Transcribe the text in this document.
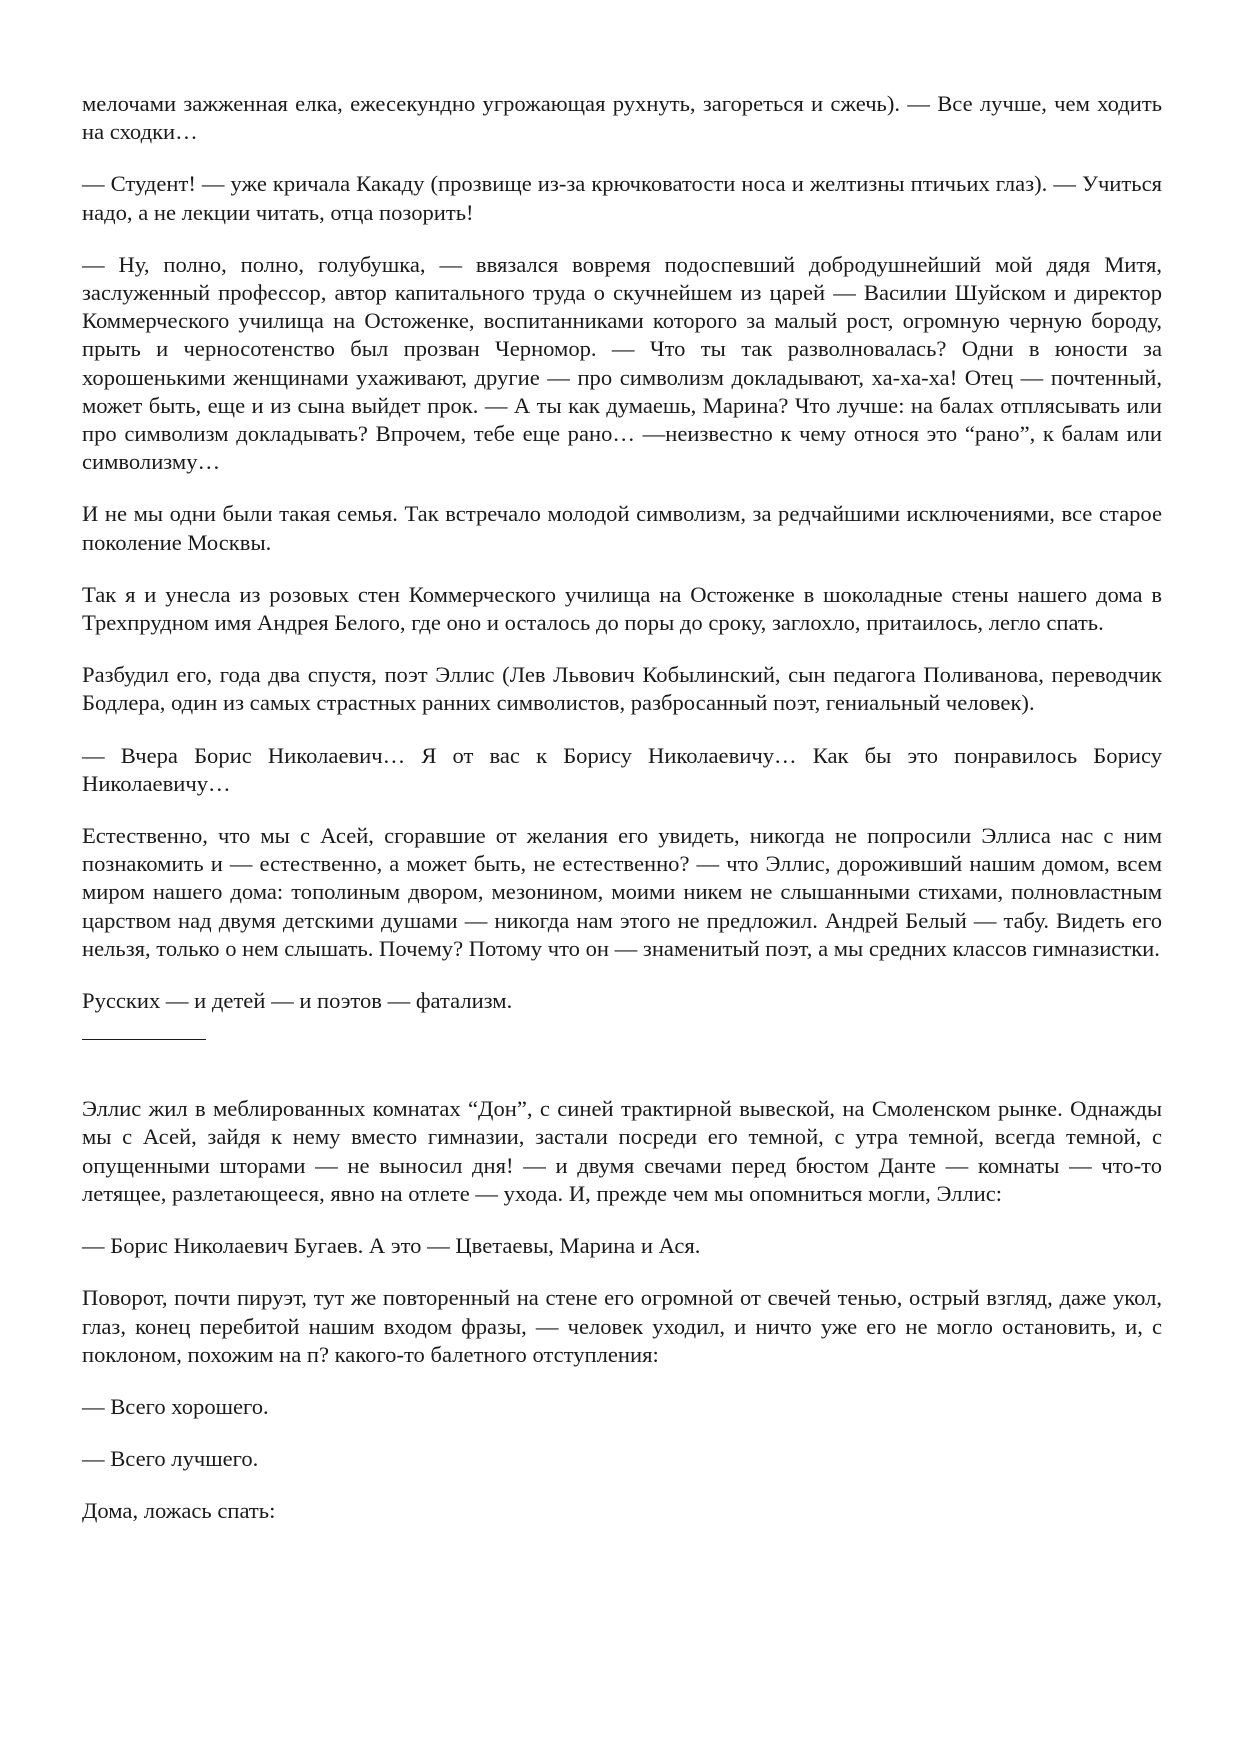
мелочами зажженная елка, ежесекундно угрожающая рухнуть, загореться и сжечь). — Все лучше, чем ходить на сходки…

— Студент! — уже кричала Какаду (прозвище из-за крючковатости носа и желтизны птичьих глаз). — Учиться надо, а не лекции читать, отца позорить!

— Ну, полно, полно, голубушка, — ввязался вовремя подоспевший добродушнейший мой дядя Митя, заслуженный профессор, автор капитального труда о скучнейшем из царей — Василии Шуйском и директор Коммерческого училища на Остоженке, воспитанниками которого за малый рост, огромную черную бороду, прыть и черносотенство был прозван Черномор. — Что ты так разволновалась? Одни в юности за хорошенькими женщинами ухаживают, другие — про символизм докладывают, ха-ха-ха! Отец — почтенный, может быть, еще и из сына выйдет прок. — А ты как думаешь, Марина? Что лучше: на балах отплясывать или про символизм докладывать? Впрочем, тебе еще рано… —неизвестно к чему относя это “рано”, к балам или символизму…

И не мы одни были такая семья. Так встречало молодой символизм, за редчайшими исключениями, все старое поколение Москвы.

Так я и унесла из розовых стен Коммерческого училища на Остоженке в шоколадные стены нашего дома в Трехпрудном имя Андрея Белого, где оно и осталось до поры до сроку, заглохло, притаилось, легло спать.

Разбудил его, года два спустя, поэт Эллис (Лев Львович Кобылинский, сын педагога Поливанова, переводчик Бодлера, один из самых страстных ранних символистов, разбросанный поэт, гениальный человек).

— Вчера Борис Николаевич… Я от вас к Борису Николаевичу… Как бы это понравилось Борису Николаевичу…

Естественно, что мы с Асей, сгоравшие от желания его увидеть, никогда не попросили Эллиса нас с ним познакомить и — естественно, а может быть, не естественно? — что Эллис, дороживший нашим домом, всем миром нашего дома: тополиным двором, мезонином, моими никем не слышанными стихами, полновластным царством над двумя детскими душами — никогда нам этого не предложил. Андрей Белый — табу. Видеть его нельзя, только о нем слышать. Почему? Потому что он — знаменитый поэт, а мы средних классов гимназистки.

Русских — и детей — и поэтов — фатализм.

Эллис жил в меблированных комнатах “Дон”, с синей трактирной вывеской, на Смоленском рынке. Однажды мы с Асей, зайдя к нему вместо гимназии, застали посреди его темной, с утра темной, всегда темной, с опущенными шторами — не выносил дня! — и двумя свечами перед бюстом Данте — комнаты — что-то летящее, разлетающееся, явно на отлете — ухода. И, прежде чем мы опомниться могли, Эллис:

— Борис Николаевич Бугаев. А это — Цветаевы, Марина и Ася.

Поворот, почти пируэт, тут же повторенный на стене его огромной от свечей тенью, острый взгляд, даже укол, глаз, конец перебитой нашим входом фразы, — человек уходил, и ничто уже его не могло остановить, и, с поклоном, похожим на п? какого-то балетного отступления:

— Всего хорошего.

— Всего лучшего.

Дома, ложась спать:
